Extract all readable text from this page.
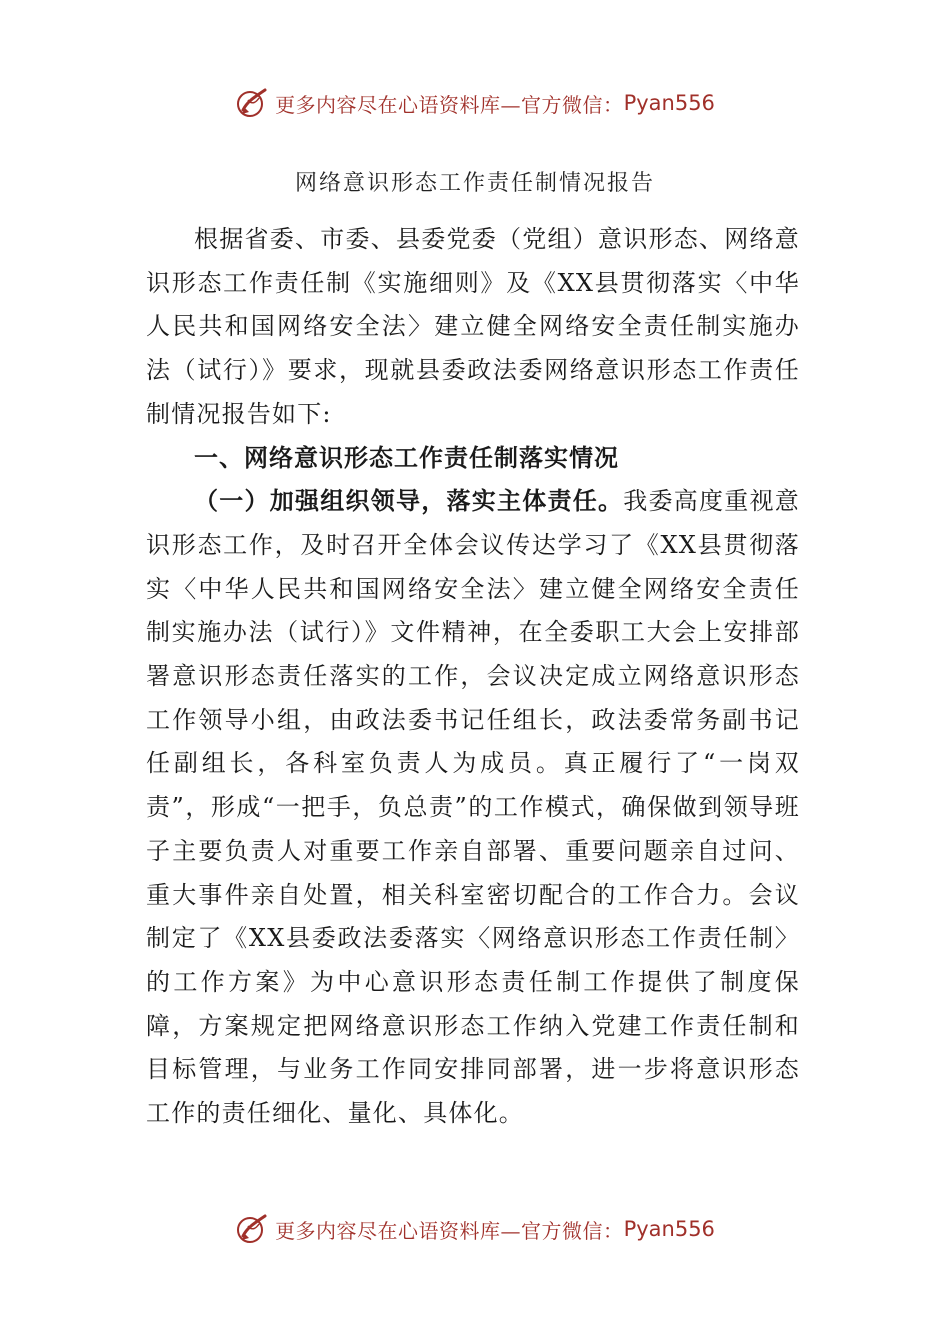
更多内容尽在心语资料库—官方微信： Pyan556
网络意识形态工作责任制情况报告

根据省委、市委、县委党委（党组）意识形态、网络意识形态工作责任制《实施细则》及《XX县贯彻落实〈中华人民共和国网络安全法〉建立健全网络安全责任制实施办法（试行）》要求，现就县委政法委网络意识形态工作责任制情况报告如下:

一、网络意识形态工作责任制落实情况

（一）加强组织领导，落实主体责任。我委高度重视意识形态工作，及时召开全体会议传达学习了《XX县贯彻落实〈中华人民共和国网络安全法〉建立健全网络安全责任制实施办法（试行）》文件精神，在全委职工大会上安排部署意识形态责任落实的工作，会议决定成立网络意识形态工作领导小组，由政法委书记任组长，政法委常务副书记任副组长，各科室负责人为成员。真正履行了“一岗双责”，形成“一把手，负总责”的工作模式，确保做到领导班子主要负责人对重要工作亲自部署、重要问题亲自过问、重大事件亲自处置，相关科室密切配合的工作合力。会议制定了《XX县委政法委落实〈网络意识形态工作责任制〉的工作方案》为中心意识形态责任制工作提供了制度保障，方案规定把网络意识形态工作纳入党建工作责任制和目标管理，与业务工作同安排同部署，进一步将意识形态工作的责任细化、量化、具体化。

更多内容尽在心语资料库—官方微信： Pyan556
